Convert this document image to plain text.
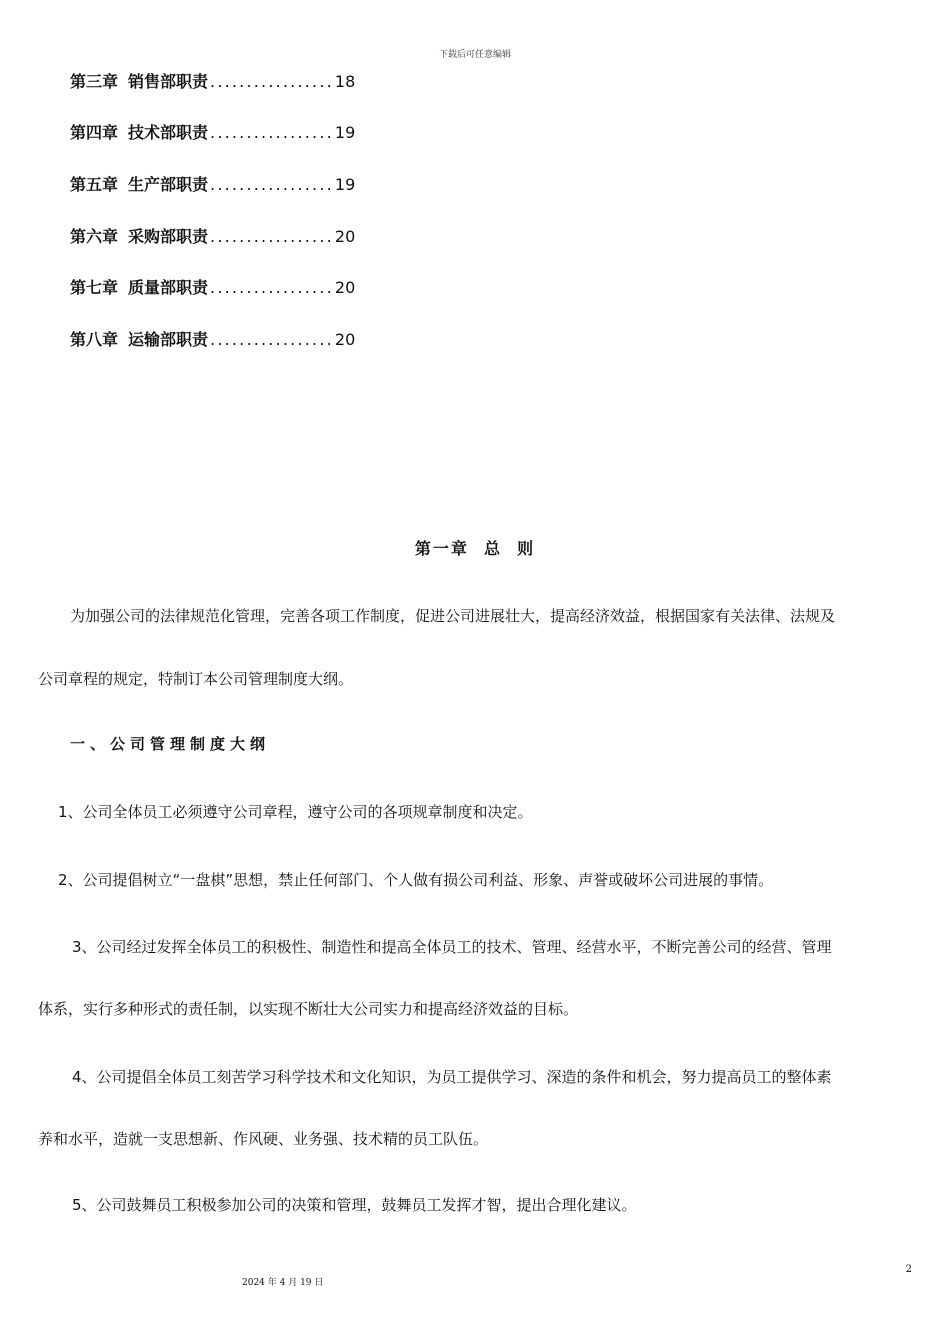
下载后可任意编辑
第三章 销售部职责 .................18
第四章 技术部职责 .................19
第五章 生产部职责 .................19
第六章 采购部职责 .................20
第七章 质量部职责 .................20
第八章 运输部职责 .................20
第一章  总  则
为加强公司的法律规范化管理，完善各项工作制度，促进公司进展壮大，提高经济效益，根据国家有关法律、法规及
公司章程的规定，特制订本公司管理制度大纲。
一、公司管理制度大纲
1、公司全体员工必须遵守公司章程，遵守公司的各项规章制度和决定。
2、公司提倡树立“一盘棋”思想，禁止任何部门、个人做有损公司利益、形象、声誉或破坏公司进展的事情。
3、公司经过发挥全体员工的积极性、制造性和提高全体员工的技术、管理、经营水平，不断完善公司的经营、管理
体系，实行多种形式的责任制，以实现不断壮大公司实力和提高经济效益的目标。
4、公司提倡全体员工刻苦学习科学技术和文化知识，为员工提供学习、深造的条件和机会，努力提高员工的整体素
养和水平，造就一支思想新、作风硬、业务强、技术精的员工队伍。
5、公司鼓舞员工积极参加公司的决策和管理，鼓舞员工发挥才智，提出合理化建议。
2
2024 年 4 月 19 日
